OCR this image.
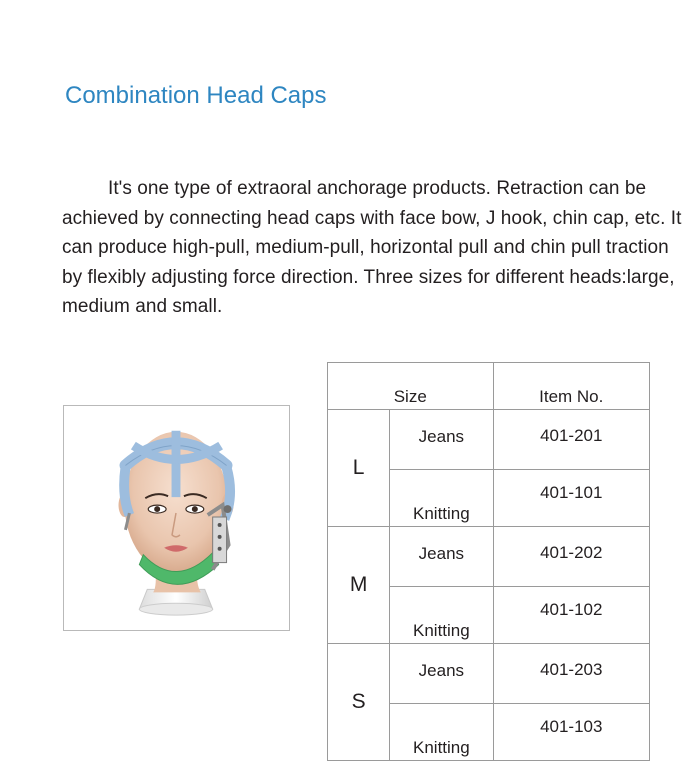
Combination Head Caps

It's one type of extraoral anchorage products. Retraction can be achieved by connecting head caps with face bow, J hook, chin cap, etc. It can produce high-pull, medium-pull, horizontal pull and chin pull traction by flexibly adjusting force direction. Three sizes for different heads:large, medium and small.

Size		Item No.
L	Jeans	401-201
	Knitting	401-101
M	Jeans	401-202
	Knitting	401-102
S	Jeans	401-203
	Knitting	401-103
